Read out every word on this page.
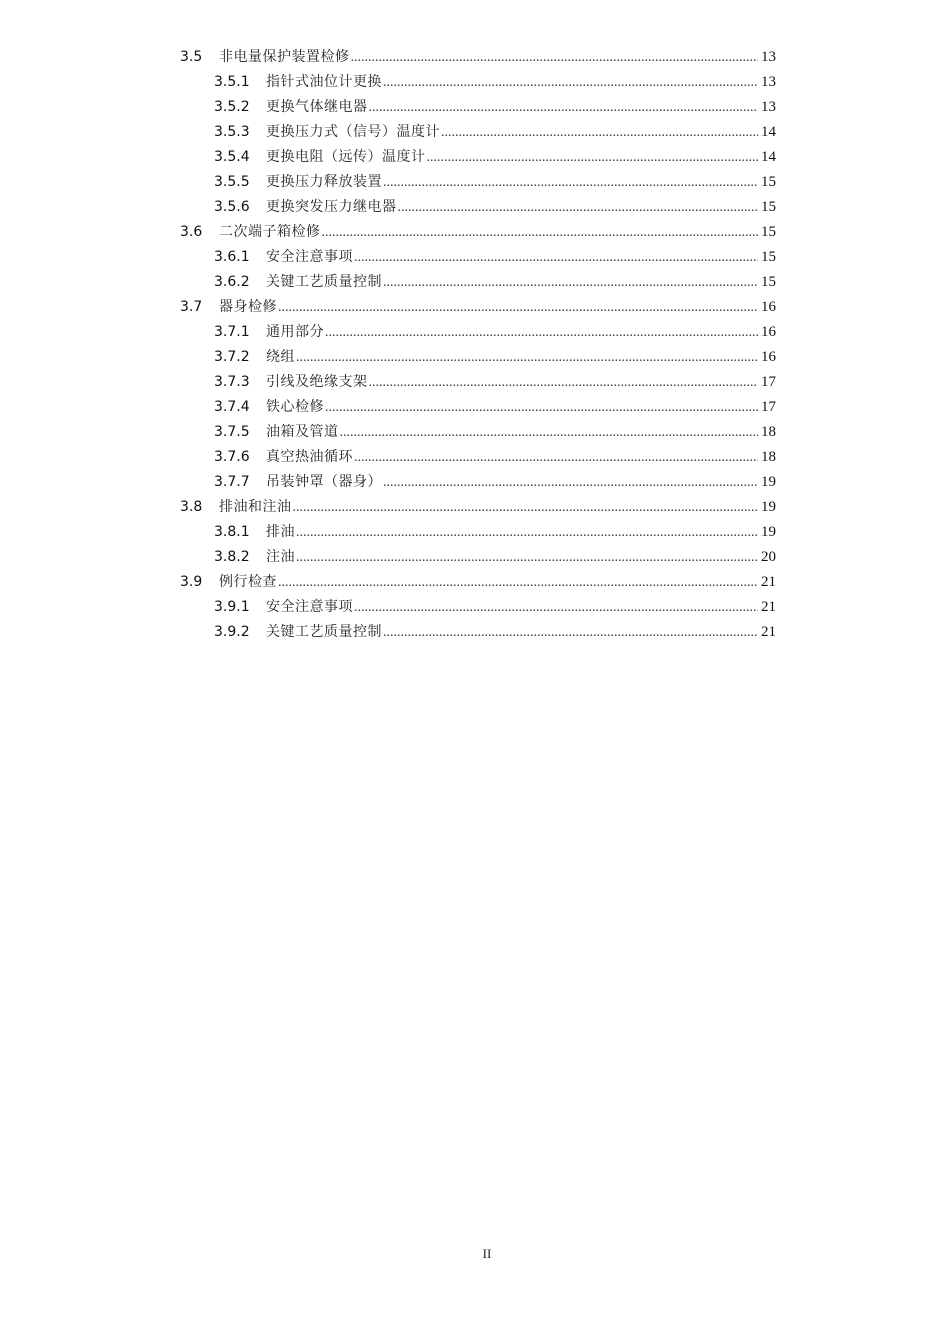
3.5	非电量保护装置检修 .....	13
3.5.1	指针式油位计更换 .....	13
3.5.2	更换气体继电器 .....	13
3.5.3	更换压力式（信号）温度计 .....	14
3.5.4	更换电阻（远传）温度计 .....	14
3.5.5	更换压力释放装置 .....	15
3.5.6	更换突发压力继电器 .....	15
3.6	二次端子箱检修 .....	15
3.6.1	安全注意事项 .....	15
3.6.2	关键工艺质量控制 .....	15
3.7	器身检修 .....	16
3.7.1	通用部分 .....	16
3.7.2	绕组 .....	16
3.7.3	引线及绝缘支架 .....	17
3.7.4	铁心检修 .....	17
3.7.5	油箱及管道 .....	18
3.7.6	真空热油循环 .....	18
3.7.7	吊装钟罩（器身） .....	19
3.8	排油和注油 .....	19
3.8.1	排油 .....	19
3.8.2	注油 .....	20
3.9	例行检查 .....	21
3.9.1	安全注意事项 .....	21
3.9.2	关键工艺质量控制 .....	21
II
